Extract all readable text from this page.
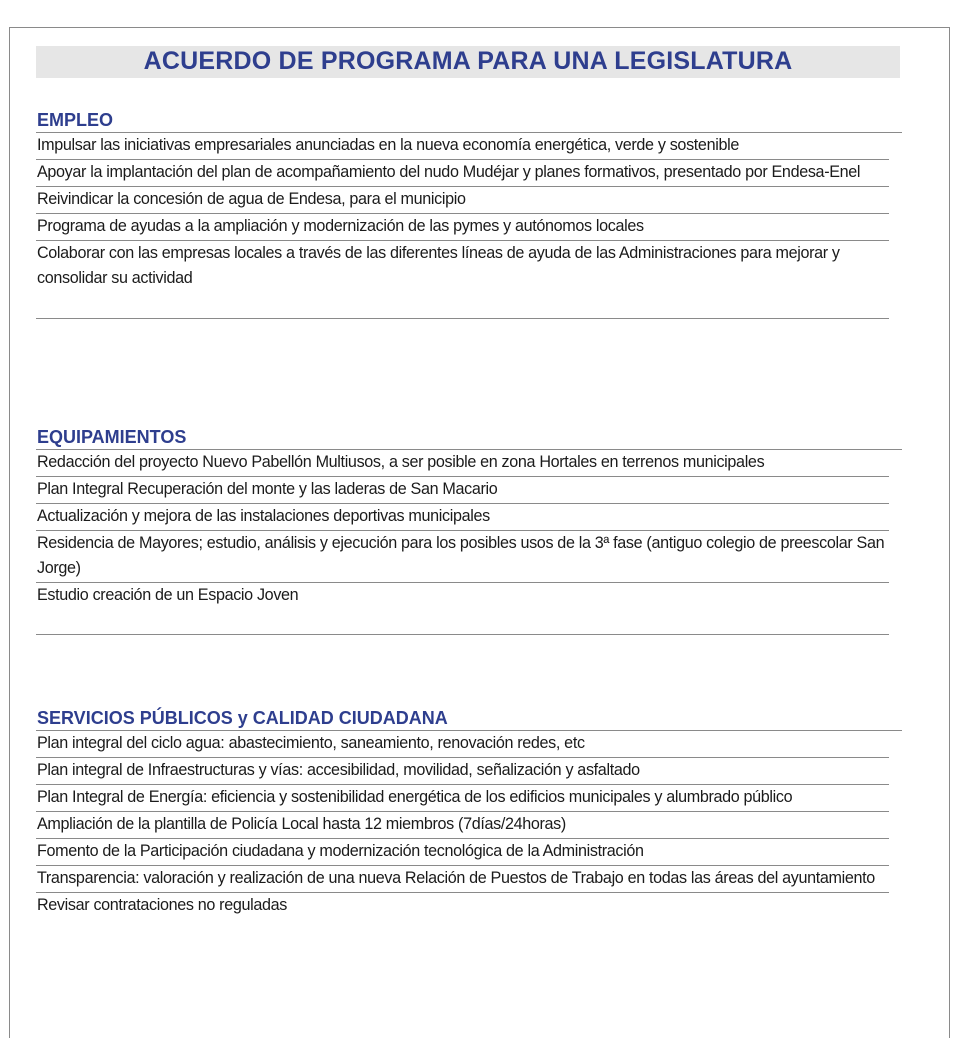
ACUERDO DE PROGRAMA PARA UNA LEGISLATURA
EMPLEO
Impulsar las iniciativas empresariales anunciadas en la nueva economía energética, verde y sostenible
Apoyar la implantación del plan de acompañamiento del nudo Mudéjar y planes formativos, presentado por Endesa-Enel
Reivindicar la concesión de agua de Endesa, para el municipio
Programa de ayudas a la ampliación y modernización de las pymes y autónomos locales
Colaborar con las empresas locales a través de las diferentes líneas de ayuda de las Administraciones para mejorar y consolidar su actividad
EQUIPAMIENTOS
Redacción del proyecto Nuevo Pabellón Multiusos, a ser posible en zona Hortales en terrenos municipales
Plan Integral Recuperación del monte y las laderas de San Macario
Actualización y mejora de las instalaciones deportivas municipales
Residencia de Mayores; estudio, análisis y ejecución para los posibles usos de la 3ª fase (antiguo colegio de preescolar San Jorge)
Estudio creación de un Espacio Joven
SERVICIOS PÚBLICOS y CALIDAD CIUDADANA
Plan integral del ciclo agua: abastecimiento, saneamiento, renovación redes, etc
Plan integral de Infraestructuras y vías: accesibilidad, movilidad, señalización y asfaltado
Plan Integral de Energía: eficiencia y sostenibilidad energética de los edificios municipales y alumbrado público
Ampliación de la plantilla de Policía Local hasta 12 miembros (7días/24horas)
Fomento de la Participación ciudadana y modernización tecnológica de la Administración
Transparencia: valoración y realización de una nueva Relación de Puestos de Trabajo en todas las áreas del ayuntamiento
Revisar contrataciones no reguladas
